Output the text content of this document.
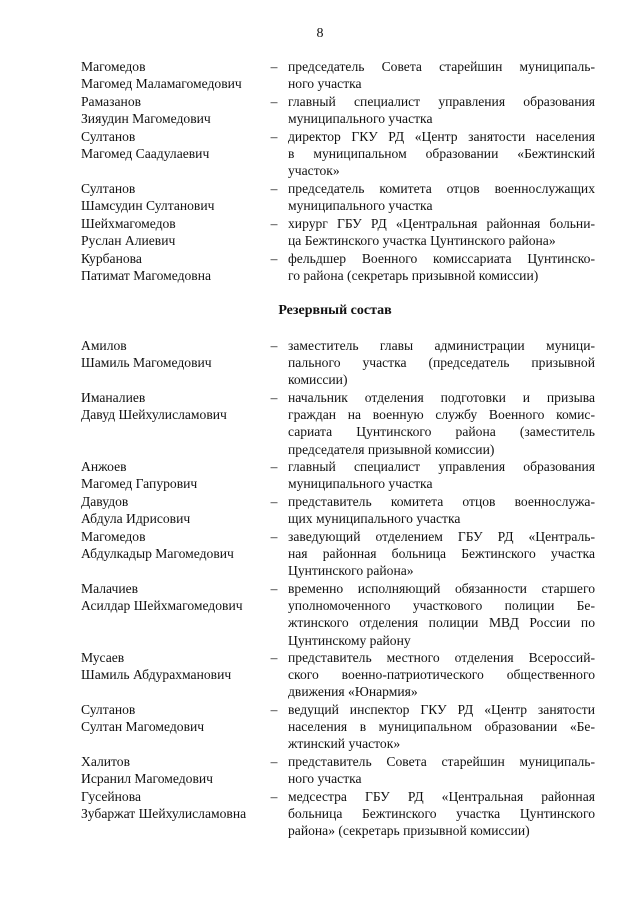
8
Магомедов
Магомед Маламагомедович
– председатель Совета старейшин муниципаль-
ного участка
Рамазанов
Зияудин Магомедович
– главный специалист управления образования
муниципального участка
Султанов
Магомед Саадулаевич
– директор ГКУ РД «Центр занятости населения
в муниципальном образовании «Бежтинский
участок»
Султанов
Шамсудин Султанович
– председатель комитета отцов военнослужащих
муниципального участка
Шейхмагомедов
Руслан Алиевич
– хирург ГБУ РД «Центральная районная больни-
ца Бежтинского участка Цунтинского района»
Курбанова
Патимат Магомедовна
– фельдшер Военного комиссариата Цунтинско-
го района (секретарь призывной комиссии)
Резервный состав
Амилов
Шамиль Магомедович
– заместитель главы администрации муници-
пального участка (председатель призывной
комиссии)
Иманалиев
Давуд Шейхулисламович
– начальник отделения подготовки и призыва
граждан на военную службу Военного комис-
сариата Цунтинского района (заместитель
председателя призывной комиссии)
Анжоев
Магомед Гапурович
– главный специалист управления образования
муниципального участка
Давудов
Абдула Идрисович
– представитель комитета отцов военнослужа-
щих муниципального участка
Магомедов
Абдулкадыр Магомедович
– заведующий отделением ГБУ РД «Централь-
ная районная больница Бежтинского участка
Цунтинского района»
Малачиев
Асилдар Шейхмагомедович
– временно исполняющий обязанности старшего
уполномоченного участкового полиции Бе-
жтинского отделения полиции МВД России по
Цунтинскому району
Мусаев
Шамиль Абдурахманович
– представитель местного отделения Всероссий-
ского военно-патриотического общественного
движения «Юнармия»
Султанов
Султан Магомедович
– ведущий инспектор ГКУ РД «Центр занятости
населения в муниципальном образовании «Бе-
жтинский участок»
Халитов
Исранил Магомедович
– представитель Совета старейшин муниципаль-
ного участка
Гусейнова
Зубаржат Шейхулисламовна
– медсестра ГБУ РД «Центральная районная
больница Бежтинского участка Цунтинского
района» (секретарь призывной комиссии)
